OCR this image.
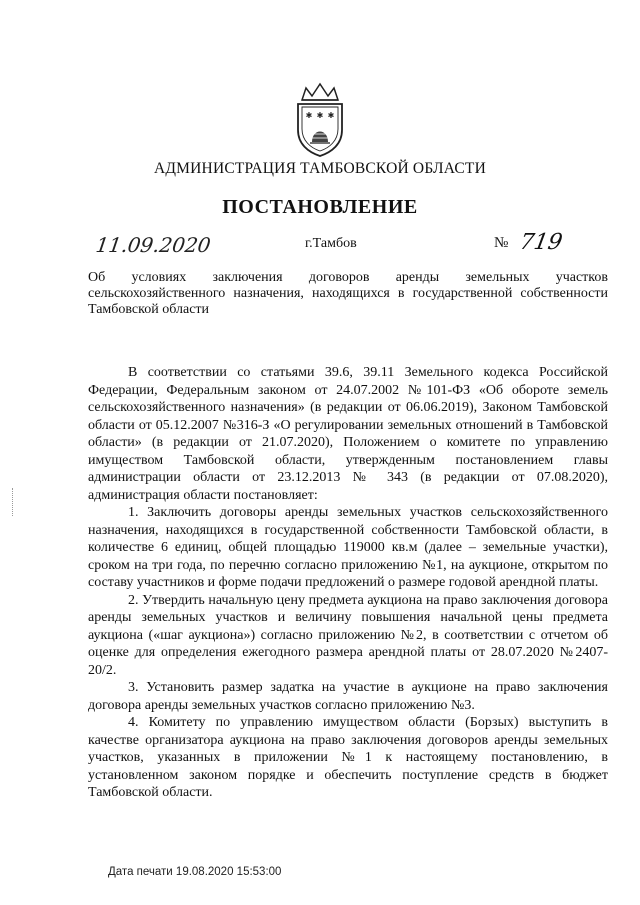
✱ ✱ ✱
АДМИНИСТРАЦИЯ ТАМБОВСКОЙ ОБЛАСТИ
ПОСТАНОВЛЕНИЕ
11.09.2020	г.Тамбов	№ 719
Об условиях заключения договоров аренды земельных участков сельскохозяйственного назначения, находящихся в государственной собственности Тамбовской области

В соответствии со статьями 39.6, 39.11 Земельного кодекса Российской Федерации, Федеральным законом от 24.07.2002 №101-ФЗ «Об обороте земель сельскохозяйственного назначения» (в редакции от 06.06.2019), Законом Тамбовской области от 05.12.2007 №316-З «О регулировании земельных отношений в Тамбовской области» (в редакции от 21.07.2020), Положением о комитете по управлению имуществом Тамбовской области, утвержденным постановлением главы администрации области от 23.12.2013 № 343 (в редакции от 07.08.2020), администрация области постановляет:

1. Заключить договоры аренды земельных участков сельскохозяйственного назначения, находящихся в государственной собственности Тамбовской области, в количестве 6 единиц, общей площадью 119000 кв.м (далее – земельные участки), сроком на три года, по перечню согласно приложению №1, на аукционе, открытом по составу участников и форме подачи предложений о размере годовой арендной платы.

2. Утвердить начальную цену предмета аукциона на право заключения договора аренды земельных участков и величину повышения начальной цены предмета аукциона («шаг аукциона») согласно приложению №2, в соответствии с отчетом об оценке для определения ежегодного размера арендной платы от 28.07.2020 №2407-20/2.

3. Установить размер задатка на участие в аукционе на право заключения договора аренды земельных участков согласно приложению №3.

4. Комитету по управлению имуществом области (Борзых) выступить в качестве организатора аукциона на право заключения договоров аренды земельных участков, указанных в приложении №1 к настоящему постановлению, в установленном законом порядке и обеспечить поступление средств в бюджет Тамбовской области.

Дата печати 19.08.2020 15:53:00
